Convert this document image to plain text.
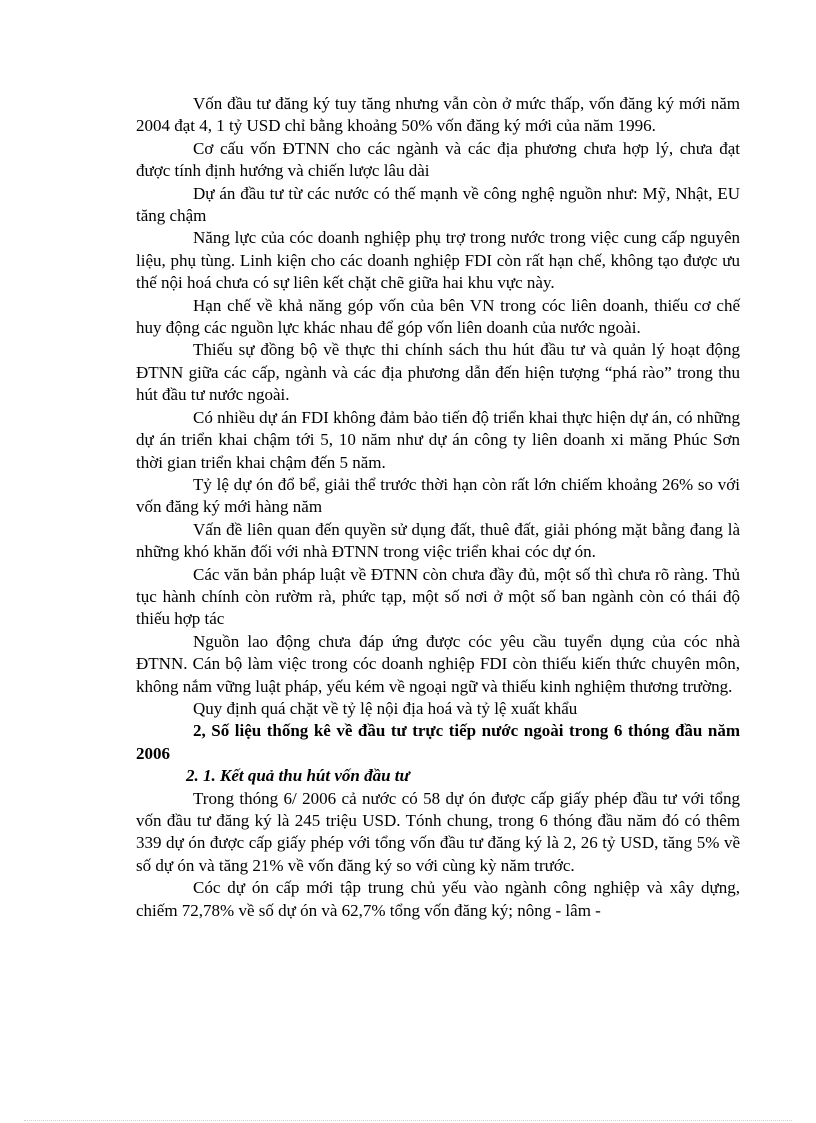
Vốn đầu tư đăng ký tuy tăng nhưng vẫn còn ở mức thấp, vốn đăng ký mới năm 2004 đạt 4, 1 tỷ USD chỉ bằng khoảng 50% vốn đăng ký mới của năm 1996.

Cơ cấu vốn ĐTNN cho các ngành và các địa phương chưa hợp lý, chưa đạt được tính định hướng và chiến lược lâu dài

Dự án đầu tư từ các nước có thế mạnh về công nghệ nguồn như: Mỹ, Nhật, EU tăng chậm

Năng lực của cóc doanh nghiệp phụ trợ trong nước trong việc cung cấp nguyên liệu, phụ tùng. Linh kiện cho các doanh nghiệp FDI còn rất hạn chế, không tạo được ưu thế nội hoá chưa có sự liên kết chặt chẽ giữa hai khu vực này.

Hạn chế về khả năng góp vốn của bên VN trong cóc liên doanh, thiếu cơ chế huy động các nguồn lực khác nhau để góp vốn liên doanh của nước ngoài.

Thiếu sự đồng bộ về thực thi chính sách thu hút đầu tư và quản lý hoạt động ĐTNN giữa các cấp, ngành và các địa phương dẫn đến hiện tượng “phá rào” trong thu hút đầu tư nước ngoài.

Có nhiều dự án FDI không đảm bảo tiến độ triển khai thực hiện dự án, có những dự án triển khai chậm tới 5, 10 năm như dự án công ty liên doanh xi măng Phúc Sơn thời gian triển khai chậm đến 5 năm.

Tỷ lệ dự ón đổ bể, giải thể trước thời hạn còn rất lớn chiếm khoảng 26% so với vốn đăng ký mới hàng năm

Vấn đề liên quan đến quyền sử dụng đất, thuê đất, giải phóng mặt bằng đang là những khó khăn đối với nhà ĐTNN trong việc triển khai cóc dự ón.

Các văn bản pháp luật về ĐTNN còn chưa đầy đủ, một số thì chưa rõ ràng. Thủ tục hành chính còn rườm rà, phức tạp, một số nơi ở một số ban ngành còn có thái độ thiếu hợp tác

Nguồn lao động chưa đáp ứng được cóc yêu cầu tuyển dụng của cóc nhà ĐTNN. Cán bộ làm việc trong cóc doanh nghiệp FDI còn thiếu kiến thức chuyên môn, không nắm vững luật pháp, yếu kém về ngoại ngữ và thiếu kinh nghiệm thương trường.

Quy định quá chặt về tỷ lệ nội địa hoá và tỷ lệ xuất khẩu

2, Số liệu thống kê về đầu tư trực tiếp nước ngoài trong 6 thóng đầu năm 2006

2. 1. Kết quả thu hút vốn đầu tư

Trong thóng 6/ 2006 cả nước có 58 dự ón được cấp giấy phép đầu tư với tổng vốn đầu tư đăng ký là 245 triệu USD. Tónh chung, trong 6 thóng đầu năm đó có thêm 339 dự ón được cấp giấy phép với tổng vốn đầu tư đăng ký là 2, 26 tỷ USD, tăng 5% về số dự ón và tăng 21% về vốn đăng ký so với cùng kỳ năm trước.

Cóc dự ón cấp mới tập trung chủ yếu vào ngành công nghiệp và xây dựng, chiếm 72,78% về số dự ón và 62,7% tổng vốn đăng ký; nông - lâm -
